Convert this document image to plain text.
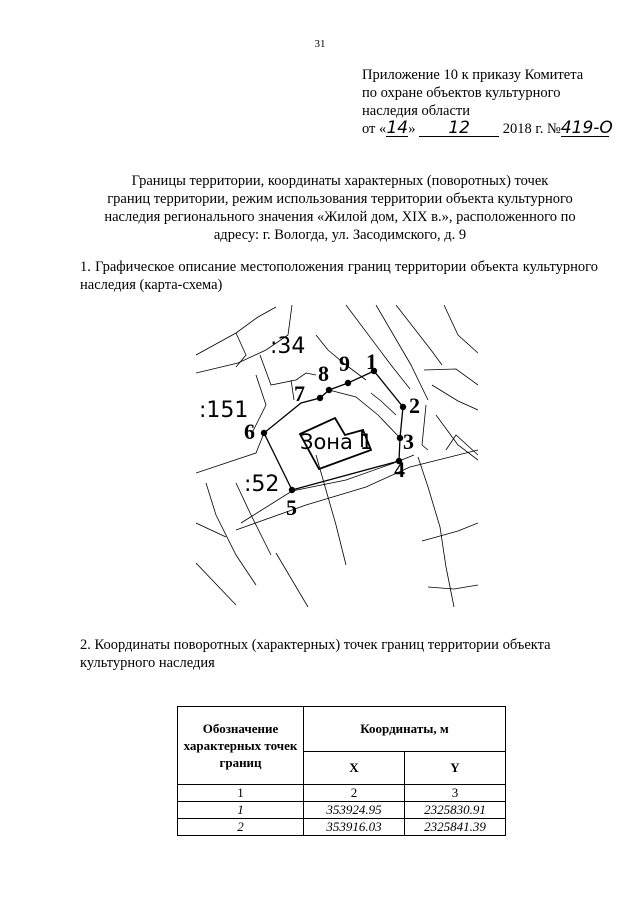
31
Приложение 10 к приказу Комитета
по охране объектов культурного
наследия области
от «14» 12 2018 г. №419-О
Границы территории, координаты характерных (поворотных) точек
границ территории, режим использования территории объекта культурного
наследия регионального значения «Жилой дом, XIX в.», расположенного по
адресу: г. Вологда, ул. Засодимского, д. 9
1. Графическое описание местоположения границ территории объекта культурного наследия (карта-схема)
:34
:151
:52
Зона 1
1
2
3
4
5
6
7
8 9
2. Координаты поворотных (характерных) точек границ территории объекта культурного наследия
Обозначение характерных точек границ	Координаты, м	
	X	Y
1	2	3
1	353924.95	2325830.91
2	353916.03	2325841.39
